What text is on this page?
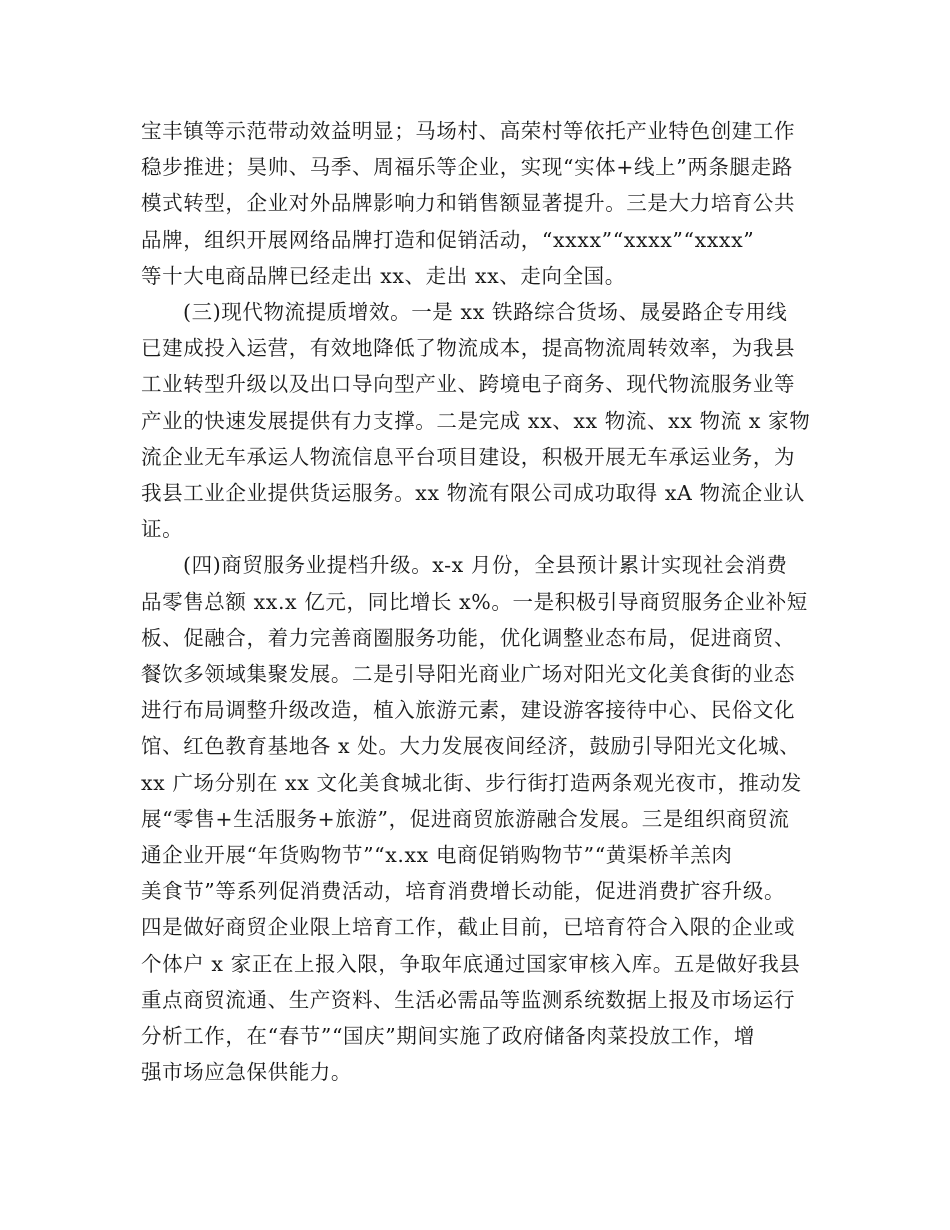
宝丰镇等示范带动效益明显；马场村、高荣村等依托产业特色创建工作
稳步推进；昊帅、马季、周福乐等企业，实现“实体+线上”两条腿走路
模式转型，企业对外品牌影响力和销售额显著提升。三是大力培育公共
品牌，组织开展网络品牌打造和促销活动，“xxxx”“xxxx”“xxxx”
等十大电商品牌已经走出 xx、走出 xx、走向全国。
(三)现代物流提质增效。一是 xx 铁路综合货场、晟晏路企专用线
已建成投入运营，有效地降低了物流成本，提高物流周转效率，为我县
工业转型升级以及出口导向型产业、跨境电子商务、现代物流服务业等
产业的快速发展提供有力支撑。二是完成 xx、xx 物流、xx 物流 x 家物
流企业无车承运人物流信息平台项目建设，积极开展无车承运业务，为
我县工业企业提供货运服务。xx 物流有限公司成功取得 xA 物流企业认
证。
(四)商贸服务业提档升级。x-x 月份，全县预计累计实现社会消费
品零售总额 xx.x 亿元，同比增长 x%。一是积极引导商贸服务企业补短
板、促融合，着力完善商圈服务功能，优化调整业态布局，促进商贸、
餐饮多领域集聚发展。二是引导阳光商业广场对阳光文化美食街的业态
进行布局调整升级改造，植入旅游元素，建设游客接待中心、民俗文化
馆、红色教育基地各 x 处。大力发展夜间经济，鼓励引导阳光文化城、
xx 广场分别在 xx 文化美食城北街、步行街打造两条观光夜市，推动发
展“零售+生活服务+旅游”，促进商贸旅游融合发展。三是组织商贸流
通企业开展“年货购物节”“x.xx 电商促销购物节”“黄渠桥羊羔肉
美食节”等系列促消费活动，培育消费增长动能，促进消费扩容升级。
四是做好商贸企业限上培育工作，截止目前，已培育符合入限的企业或
个体户 x 家正在上报入限，争取年底通过国家审核入库。五是做好我县
重点商贸流通、生产资料、生活必需品等监测系统数据上报及市场运行
分析工作，在“春节”“国庆”期间实施了政府储备肉菜投放工作，增
强市场应急保供能力。
